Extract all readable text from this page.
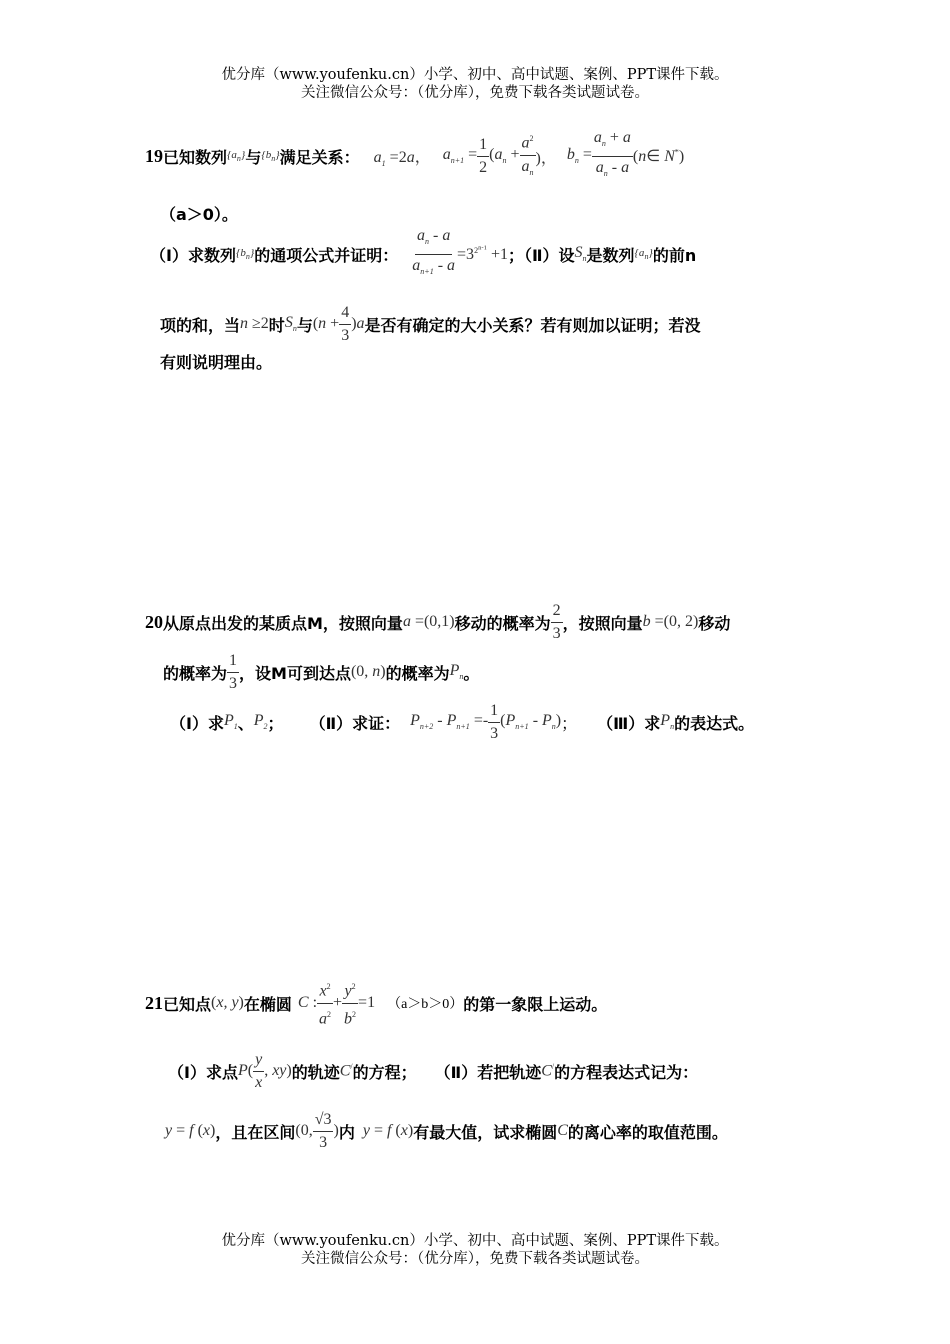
优分库（www.youfenku.cn）小学、初中、高中试题、案例、PPT课件下载。
关注微信公众号：（优分库），免费下载各类试题试卷。
19 已知数列 $\{a_n\}$ 与 $\{b_n\}$ 满足关系： $a_1 =2a$， $a_{n+1} = \frac{1}{2} (a_n + \frac{a^2}{a_n}$ )， $b_n = \frac{a_n + a}{a_n - a}$ (n∈ N*)
（a＞0）。
（Ⅰ）求数列 $\{b_n\}$ 的通项公式并证明： $\frac{a_n - a}{a_{n+1} - a} =3^{2^{n-1}} +1$ ；（Ⅱ）设 $S_n$ 是数列 $\{a_n\}$ 的前n
项的和，当 n ≥2 时 $S_n$ 与 $(n + \frac{4}{3} )a$ 是否有确定的大小关系？若有则加以证明；若没
有则说明理由。
20 从原点出发的某质点M，按照向量 a =(0,1) 移动的概率为 $\frac{2}{3}$ ，按照向量 b =(0, 2) 移动
的概率为 $\frac{1}{3}$ ，设M可到达点 (0, n) 的概率为 $P_n$ 。
（Ⅰ）求 $P_1$ 、 $P_2$ ； （Ⅱ）求证： $P_{n+2} - P_{n+1} =- \frac{1}{3} (P_{n+1} - P_n)$ ； （Ⅲ）求 $P_n$ 的表达式。
21 已知点 (x, y) 在椭圆 C : $\frac{x^2}{a^2} + \frac{y^2}{b^2} =1$ （a＞b＞0） 的第一象限上运动。
（Ⅰ）求点 $P( \frac{y}{x}$ , xy) 的轨迹 C/ 的方程； （Ⅱ）若把轨迹 C/ 的方程表达式记为：
y = f (x) ，且在区间 (0, $\frac{√3}{3}$ ) 内 y = f (x) 有最大值，试求椭圆 C 的离心率的取值范围。
优分库（www.youfenku.cn）小学、初中、高中试题、案例、PPT课件下载。
关注微信公众号：（优分库），免费下载各类试题试卷。
